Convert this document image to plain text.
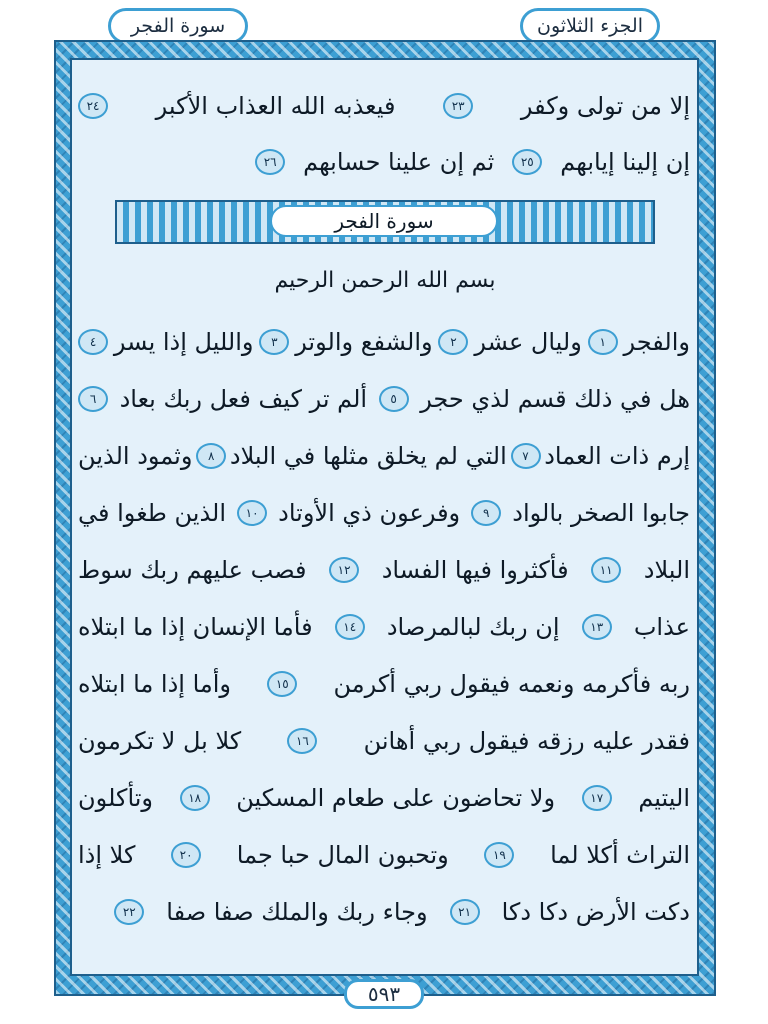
سورة الفجر	الجزء الثلاثون
إلا من تولى وكفر
٢٣
فيعذبه الله العذاب الأكبر
٢٤
إن إلينا إيابهم
٢٥
ثم إن علينا حسابهم
٢٦
سورة الفجر
بسم الله الرحمن الرحيم
والفجر
١
وليال عشر
٢
والشفع والوتر
٣
والليل إذا يسر
٤
هل في ذلك قسم لذي حجر
٥
ألم تر كيف فعل ربك بعاد
٦
إرم ذات العماد
٧
التي لم يخلق مثلها في البلاد
٨
وثمود الذين
جابوا الصخر بالواد
٩
وفرعون ذي الأوتاد
١٠
الذين طغوا في
البلاد
١١
فأكثروا فيها الفساد
١٢
فصب عليهم ربك سوط
عذاب
١٣
إن ربك لبالمرصاد
١٤
فأما الإنسان إذا ما ابتلاه
ربه فأكرمه ونعمه فيقول ربي أكرمن
١٥
وأما إذا ما ابتلاه
فقدر عليه رزقه فيقول ربي أهانن
١٦
كلا بل لا تكرمون
اليتيم
١٧
ولا تحاضون على طعام المسكين
١٨
وتأكلون
التراث أكلا لما
١٩
وتحبون المال حبا جما
٢٠
كلا إذا
دكت الأرض دكا دكا
٢١
وجاء ربك والملك صفا صفا
٢٢
٥٩٣
